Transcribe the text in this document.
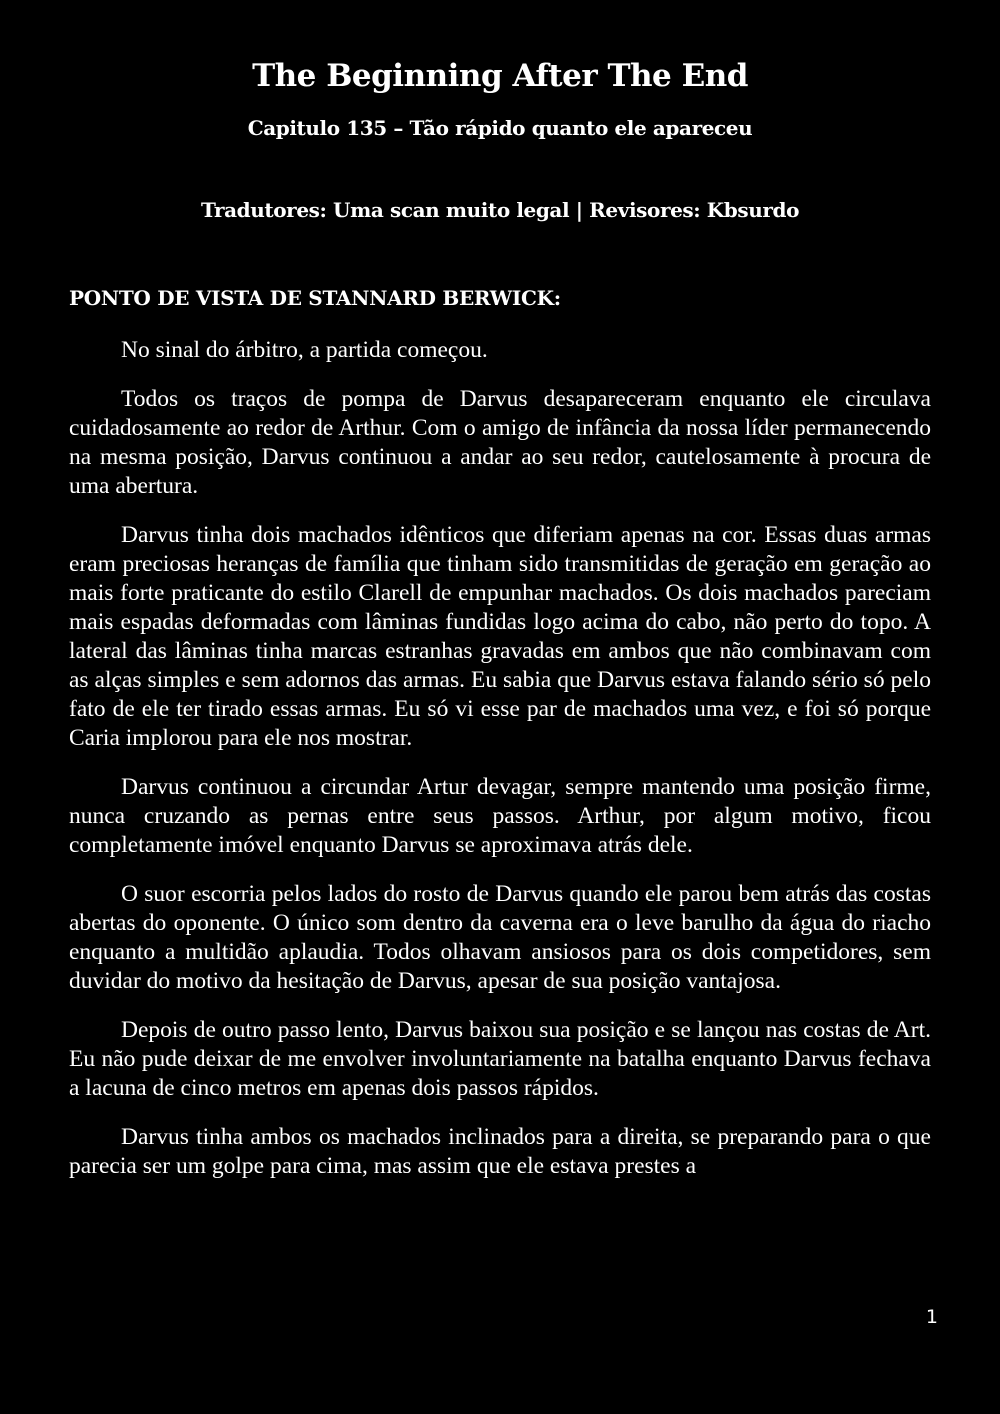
The Beginning After The End
Capitulo 135 – Tão rápido quanto ele apareceu

Tradutores: Uma scan muito legal | Revisores: Kbsurdo

PONTO DE VISTA DE STANNARD BERWICK:

No sinal do árbitro, a partida começou.

Todos os traços de pompa de Darvus desapareceram enquanto ele circulava cuidadosamente ao redor de Arthur. Com o amigo de infância da nossa líder permanecendo na mesma posição, Darvus continuou a andar ao seu redor, cautelosamente à procura de uma abertura.

Darvus tinha dois machados idênticos que diferiam apenas na cor. Essas duas armas eram preciosas heranças de família que tinham sido transmitidas de geração em geração ao mais forte praticante do estilo Clarell de empunhar machados. Os dois machados pareciam mais espadas deformadas com lâminas fundidas logo acima do cabo, não perto do topo. A lateral das lâminas tinha marcas estranhas gravadas em ambos que não combinavam com as alças simples e sem adornos das armas. Eu sabia que Darvus estava falando sério só pelo fato de ele ter tirado essas armas. Eu só vi esse par de machados uma vez, e foi só porque Caria implorou para ele nos mostrar.

Darvus continuou a circundar Artur devagar, sempre mantendo uma posição firme, nunca cruzando as pernas entre seus passos. Arthur, por algum motivo, ficou completamente imóvel enquanto Darvus se aproximava atrás dele.

O suor escorria pelos lados do rosto de Darvus quando ele parou bem atrás das costas abertas do oponente. O único som dentro da caverna era o leve barulho da água do riacho enquanto a multidão aplaudia. Todos olhavam ansiosos para os dois competidores, sem duvidar do motivo da hesitação de Darvus, apesar de sua posição vantajosa.

Depois de outro passo lento, Darvus baixou sua posição e se lançou nas costas de Art. Eu não pude deixar de me envolver involuntariamente na batalha enquanto Darvus fechava a lacuna de cinco metros em apenas dois passos rápidos.

Darvus tinha ambos os machados inclinados para a direita, se preparando para o que parecia ser um golpe para cima, mas assim que ele estava prestes a

1
